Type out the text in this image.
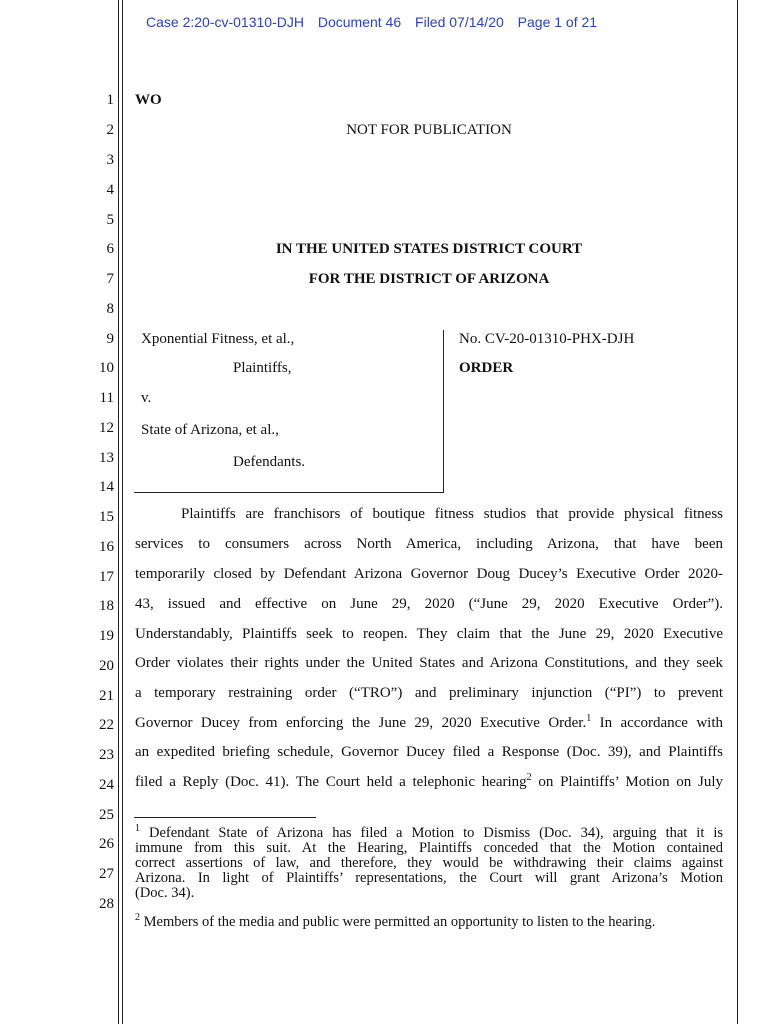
Case 2:20-cv-01310-DJH Document 46 Filed 07/14/20 Page 1 of 21
1
2
3
4
5
6
7
8
9
10
11
12
13
14
15
16
17
18
19
20
21
22
23
24
25
26
27
28
WO
NOT FOR PUBLICATION
IN THE UNITED STATES DISTRICT COURT
FOR THE DISTRICT OF ARIZONA
Xponential Fitness, et al.,
Plaintiffs,
v.
State of Arizona, et al.,
Defendants.
No. CV-20-01310-PHX-DJH
ORDER
Plaintiffs are franchisors of boutique fitness studios that provide physical fitness
services to consumers across North America, including Arizona, that have been
temporarily closed by Defendant Arizona Governor Doug Ducey’s Executive Order 2020-
43, issued and effective on June 29, 2020 (“June 29, 2020 Executive Order”).
Understandably, Plaintiffs seek to reopen. They claim that the June 29, 2020 Executive
Order violates their rights under the United States and Arizona Constitutions, and they seek
a temporary restraining order (“TRO”) and preliminary injunction (“PI”) to prevent
Governor Ducey from enforcing the June 29, 2020 Executive Order.$^1$ In accordance with
an expedited briefing schedule, Governor Ducey filed a Response (Doc. 39), and Plaintiffs
filed a Reply (Doc. 41). The Court held a telephonic hearing$^2$ on Plaintiffs’ Motion on July
$^1$ Defendant State of Arizona has filed a Motion to Dismiss (Doc. 34), arguing that it is
immune from this suit. At the Hearing, Plaintiffs conceded that the Motion contained
correct assertions of law, and therefore, they would be withdrawing their claims against
Arizona. In light of Plaintiffs’ representations, the Court will grant Arizona’s Motion
(Doc. 34).
$^2$ Members of the media and public were permitted an opportunity to listen to the hearing.
